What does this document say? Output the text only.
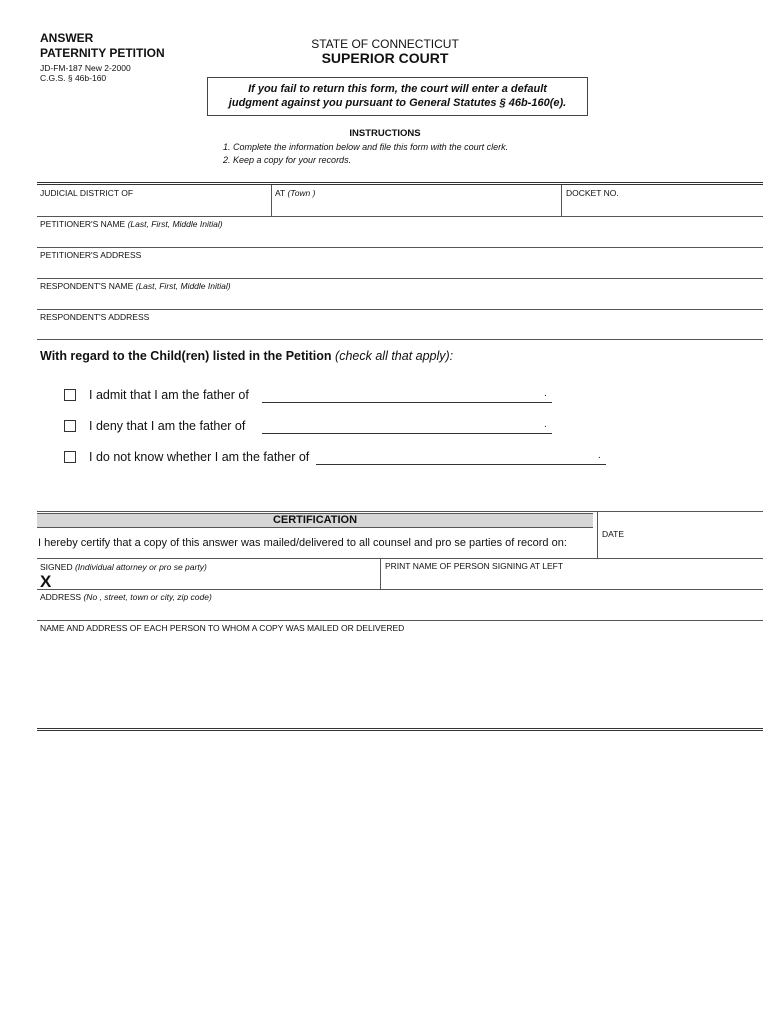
ANSWER
PATERNITY PETITION
JD-FM-187 New 2-2000
C.G.S. § 46b-160
STATE OF CONNECTICUT
SUPERIOR COURT
If you fail to return this form, the court will enter a default
judgment against you pursuant to General Statutes § 46b-160(e).
INSTRUCTIONS
1. Complete the information below and file this form with the court clerk.
2. Keep a copy for your records.
JUDICIAL DISTRICT OF	AT (Town )	DOCKET NO.
PETITIONER'S NAME (Last, First, Middle Initial)
PETITIONER'S ADDRESS
RESPONDENT'S NAME (Last, First, Middle Initial)
RESPONDENT'S ADDRESS
With regard to the Child(ren) listed in the Petition (check all that apply):
I admit that I am the father of	.
I deny that I am the father of	.
I do not know whether I am the father of	.
CERTIFICATION
DATE
I hereby certify that a copy of this answer was mailed/delivered to all counsel and pro se parties of record on:
SIGNED (Individual attorney or pro se party)
X
PRINT NAME OF PERSON SIGNING AT LEFT
ADDRESS (No , street, town or city, zip code)
NAME AND ADDRESS OF EACH PERSON TO WHOM A COPY WAS MAILED OR DELIVERED
